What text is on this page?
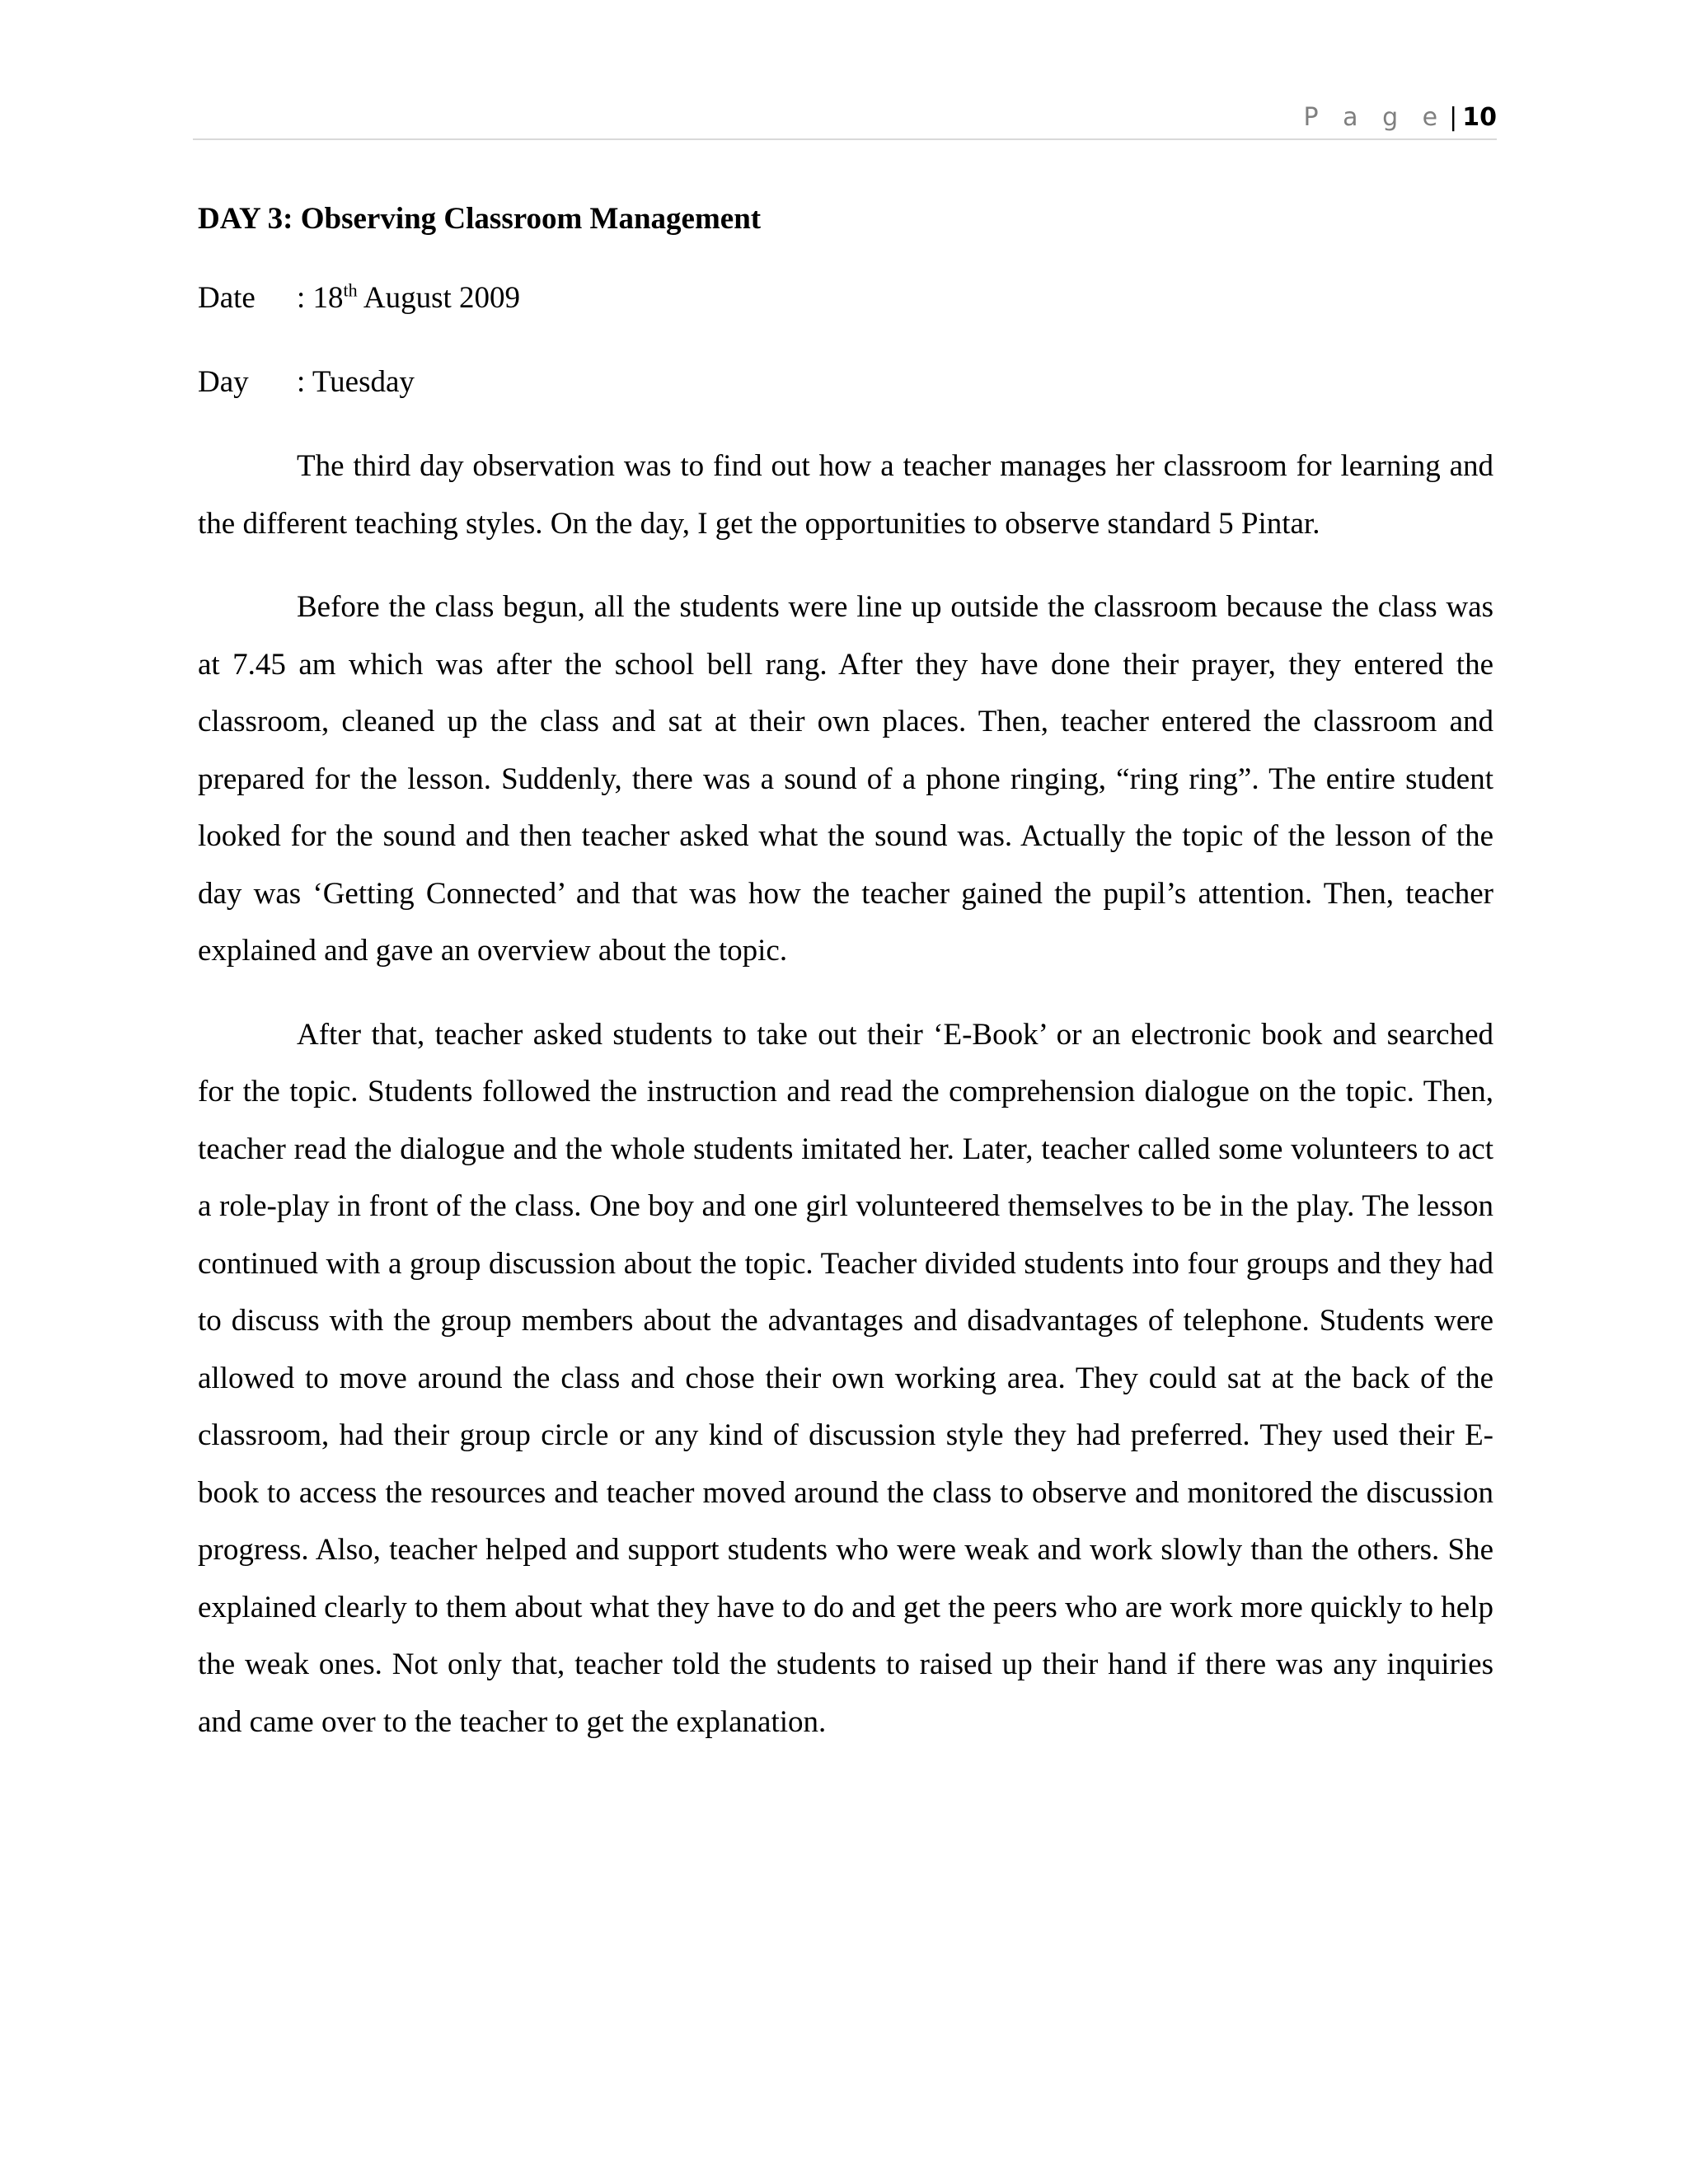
P a g e | 10
DAY 3: Observing Classroom Management
Date : 18th August 2009
Day : Tuesday

The third day observation was to find out how a teacher manages her classroom for learning and the different teaching styles. On the day, I get the opportunities to observe standard 5 Pintar.

Before the class begun, all the students were line up outside the classroom because the class was at 7.45 am which was after the school bell rang. After they have done their prayer, they entered the classroom, cleaned up the class and sat at their own places. Then, teacher entered the classroom and prepared for the lesson. Suddenly, there was a sound of a phone ringing, “ring ring”. The entire student looked for the sound and then teacher asked what the sound was. Actually the topic of the lesson of the day was ‘Getting Connected’ and that was how the teacher gained the pupil’s attention. Then, teacher explained and gave an overview about the topic.

After that, teacher asked students to take out their ‘E-Book’ or an electronic book and searched for the topic. Students followed the instruction and read the comprehension dialogue on the topic. Then, teacher read the dialogue and the whole students imitated her. Later, teacher called some volunteers to act a role-play in front of the class. One boy and one girl volunteered themselves to be in the play. The lesson continued with a group discussion about the topic. Teacher divided students into four groups and they had to discuss with the group members about the advantages and disadvantages of telephone. Students were allowed to move around the class and chose their own working area. They could sat at the back of the classroom, had their group circle or any kind of discussion style they had preferred. They used their E-book to access the resources and teacher moved around the class to observe and monitored the discussion progress. Also, teacher helped and support students who were weak and work slowly than the others. She explained clearly to them about what they have to do and get the peers who are work more quickly to help the weak ones. Not only that, teacher told the students to raised up their hand if there was any inquiries and came over to the teacher to get the explanation.
